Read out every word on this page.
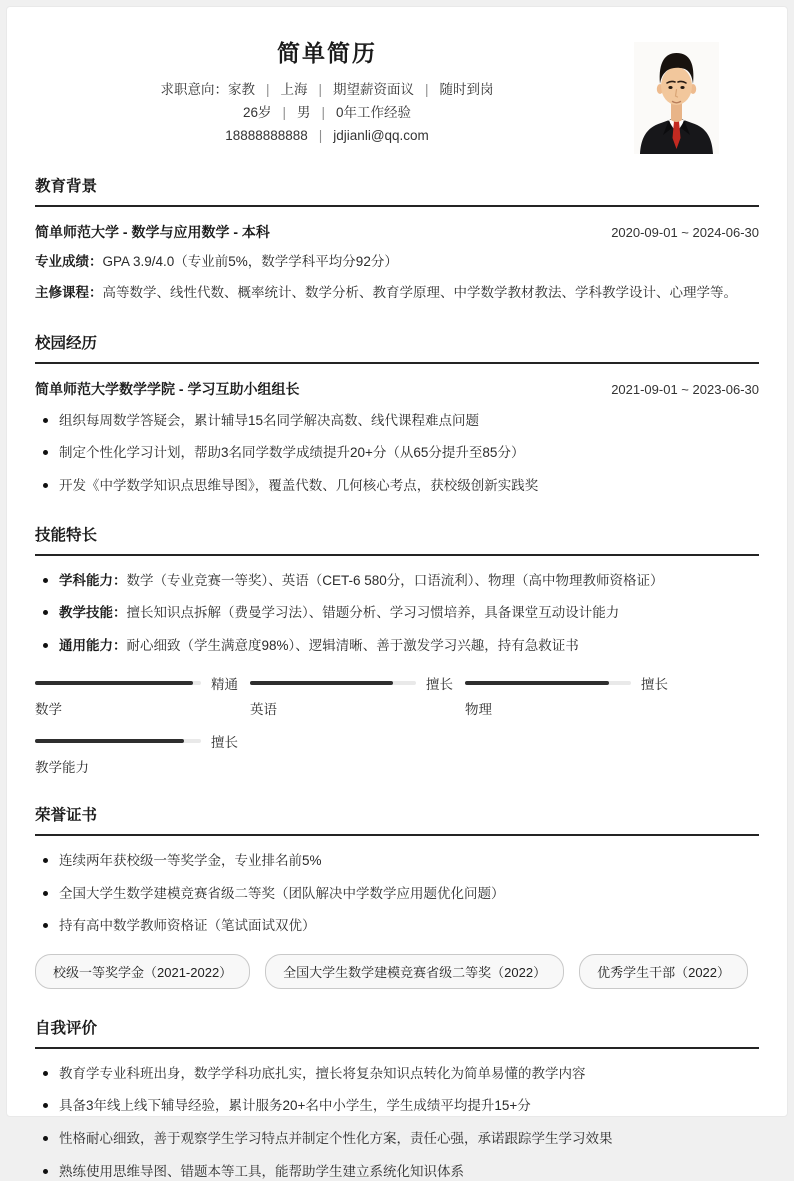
简单简历
求职意向：家教 | 上海 | 期望薪资面议 | 随时到岗
26岁 | 男 | 0年工作经验
18888888888 | jdjianli@qq.com
教育背景
简单师范大学 - 数学与应用数学 - 本科	2020-09-01 ~ 2024-06-30

专业成绩：GPA 3.9/4.0（专业前5%，数学学科平均分92分）

主修课程：高等数学、线性代数、概率统计、数学分析、教育学原理、中学数学教材教法、学科教学设计、心理学等。

校园经历
简单师范大学数学学院 - 学习互助小组组长	2021-09-01 ~ 2023-06-30
组织每周数学答疑会，累计辅导15名同学解决高数、线代课程难点问题
制定个性化学习计划，帮助3名同学数学成绩提升20+分（从65分提升至85分）
开发《中学数学知识点思维导图》，覆盖代数、几何核心考点，获校级创新实践奖
技能特长
学科能力：数学（专业竞赛一等奖）、英语（CET-6 580分，口语流利）、物理（高中物理教师资格证）
教学技能：擅长知识点拆解（费曼学习法）、错题分析、学习习惯培养，具备课堂互动设计能力
通用能力：耐心细致（学生满意度98%）、逻辑清晰、善于激发学习兴趣，持有急救证书
精通
数学
擅长
英语
擅长
物理
擅长
教学能力
荣誉证书
连续两年获校级一等奖学金，专业排名前5%
全国大学生数学建模竞赛省级二等奖（团队解决中学数学应用题优化问题）
持有高中数学教师资格证（笔试面试双优）
校级一等奖学金（2021-2022）	全国大学生数学建模竞赛省级二等奖（2022）	优秀学生干部（2022）
自我评价
教育学专业科班出身，数学学科功底扎实，擅长将复杂知识点转化为简单易懂的教学内容
具备3年线上线下辅导经验，累计服务20+名中小学生，学生成绩平均提升15+分
性格耐心细致，善于观察学生学习特点并制定个性化方案，责任心强，承诺跟踪学生学习效果
熟练使用思维导图、错题本等工具，能帮助学生建立系统化知识体系
